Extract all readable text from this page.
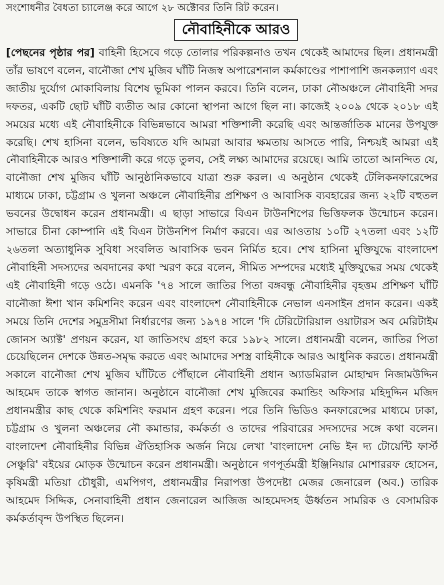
সংশোধনীর বৈধতা চ্যালেঞ্জ করে আগে ২৮ অক্টোবর তিনি রিট করেন।
নৌবাহিনীকে আরও
[পেছনের পৃষ্ঠার পর] বাহিনী হিসেবে গড়ে তোলার পরিকল্পনাও তখন থেকেই আমাদের ছিল। প্রধানমন্ত্রী তাঁর ভাষণে বলেন, বানৌজা শেখ মুজিব ঘাঁটি নিজস্ব অপারেশনাল কর্মকাণ্ডের পাশাপাশি জনকল্যাণ এবং জাতীয় দুর্যোগ মোকাবিলায় বিশেষ ভূমিকা পালন করবে। তিনি বলেন, ঢাকা নৌঅঞ্চলে নৌবাহিনী সদর দফতর, একটি ছোট ঘাঁটি ব্যতীত আর কোনো স্থাপনা আগে ছিল না। কাজেই ২০০৯ থেকে ২০১৮ এই সময়ের মধ্যে এই নৌবাহিনীকে বিভিন্নভাবে আমরা শক্তিশালী করেছি এবং আন্তর্জাতিক মানের উপযুক্ত করেছি। শেখ হাসিনা বলেন, ভবিষ্যতে যদি আমরা আবার ক্ষমতায় আসতে পারি, নিশ্চয়ই আমরা এই নৌবাহিনীকে আরও শক্তিশালী করে গড়ে তুলব, সেই লক্ষ্য আমাদের রয়েছে। আমি তাতো আনন্দিত যে, বানৌজা শেখ মুজিব ঘাঁটি আনুষ্ঠানিকভাবে যাত্রা শুরু করল। এ অনুষ্ঠান থেকেই টেলিকনফারেন্সের মাধ্যমে ঢাকা, চট্টগ্রাম ও খুলনা অঞ্চলে নৌবাহিনীর প্রশিক্ষণ ও আবাসিক ব্যবহারের জন্য ২২টি বহুতল ভবনের উদ্বোধন করেন প্রধানমন্ত্রী। এ ছাড়া সাভারে বিএন টাউনশিপের ভিত্তিফলক উন্মোচন করেন। সাভারে চীনা কোম্পানি এই বিএন টাউনশিপ নির্মাণ করবে। এর আওতায় ১০টি ২৭তলা এবং ১২টি ২৬তলা অত্যাধুনিক সুবিধা সংবলিত আবাসিক ভবন নির্মিত হবে। শেখ হাসিনা মুক্তিযুদ্ধে বাংলাদেশ নৌবাহিনী সদস্যদের অবদানের কথা স্মরণ করে বলেন, সীমিত সম্পদের মধ্যেই মুক্তিযুদ্ধের সময় থেকেই এই নৌবাহিনী গড়ে ওঠে। এমনকি '৭৪ সালে জাতির পিতা বঙ্গবন্ধু নৌবাহিনীর বৃহত্তম প্রশিক্ষণ ঘাঁটি বানৌজা ঈশা খান কমিশনিং করেন এবং বাংলাদেশ নৌবাহিনীকে নেভাল এনসাইন প্রদান করেন। একই সময়ে তিনি দেশের সমুদ্রসীমা নির্ধারণের জন্য ১৯৭৪ সালে 'দি টেরিটোরিয়াল ওয়াটারস অব মেরিটাইম জোনস অ্যাক্ট' প্রণয়ন করেন, যা জাতিসংঘ গ্রহণ করে ১৯৮২ সালে। প্রধানমন্ত্রী বলেন, জাতির পিতা চেয়েছিলেন দেশকে উন্নত-সমৃদ্ধ করতে এবং আমাদের সশস্ত্র বাহিনীকে আরও আধুনিক করতে। প্রধানমন্ত্রী সকালে বানৌজা শেখ মুজিব ঘাঁটিতে পৌঁছালে নৌবাহিনী প্রধান অ্যাডমিরাল মোহাম্মদ নিজামউদ্দিন আহমেদ তাকে স্বাগত জানান। অনুষ্ঠানে বানৌজা শেখ মুজিবের কমান্ডিং অফিসার মহিদুদ্দিন মজিদ প্রধানমন্ত্রীর কাছ থেকে কমিশনিং ফরমান গ্রহণ করেন। পরে তিনি ভিডিও কনফারেন্সের মাধ্যমে ঢাকা, চট্টগ্রাম ও খুলনা অঞ্চলের নৌ কমান্ডার, কর্মকর্তা ও তাদের পরিবারের সদস্যদের সঙ্গে কথা বলেন। বাংলাদেশ নৌবাহিনীর বিভিন্ন ঐতিহাসিক অর্জন নিয়ে লেখা 'বাংলাদেশ নেভি ইন দ্য টোয়েন্টি ফার্স্ট সেঞ্চুরি' বইয়ের মোড়ক উন্মোচন করেন প্রধানমন্ত্রী। অনুষ্ঠানে গণপূর্তমন্ত্রী ইঞ্জিনিয়ার মোশাররফ হোসেন, কৃষিমন্ত্রী মতিয়া চৌধুরী, এমপিগণ, প্রধানমন্ত্রীর নিরাপত্তা উপদেষ্টা মেজর জেনারেল (অব.) তারিক আহমেদ সিদ্দিক, সেনাবাহিনী প্রধান জেনারেল আজিজ আহমেদসহ ঊর্ধ্বতন সামরিক ও বেসামরিক কর্মকর্তাবৃন্দ উপস্থিত ছিলেন।
